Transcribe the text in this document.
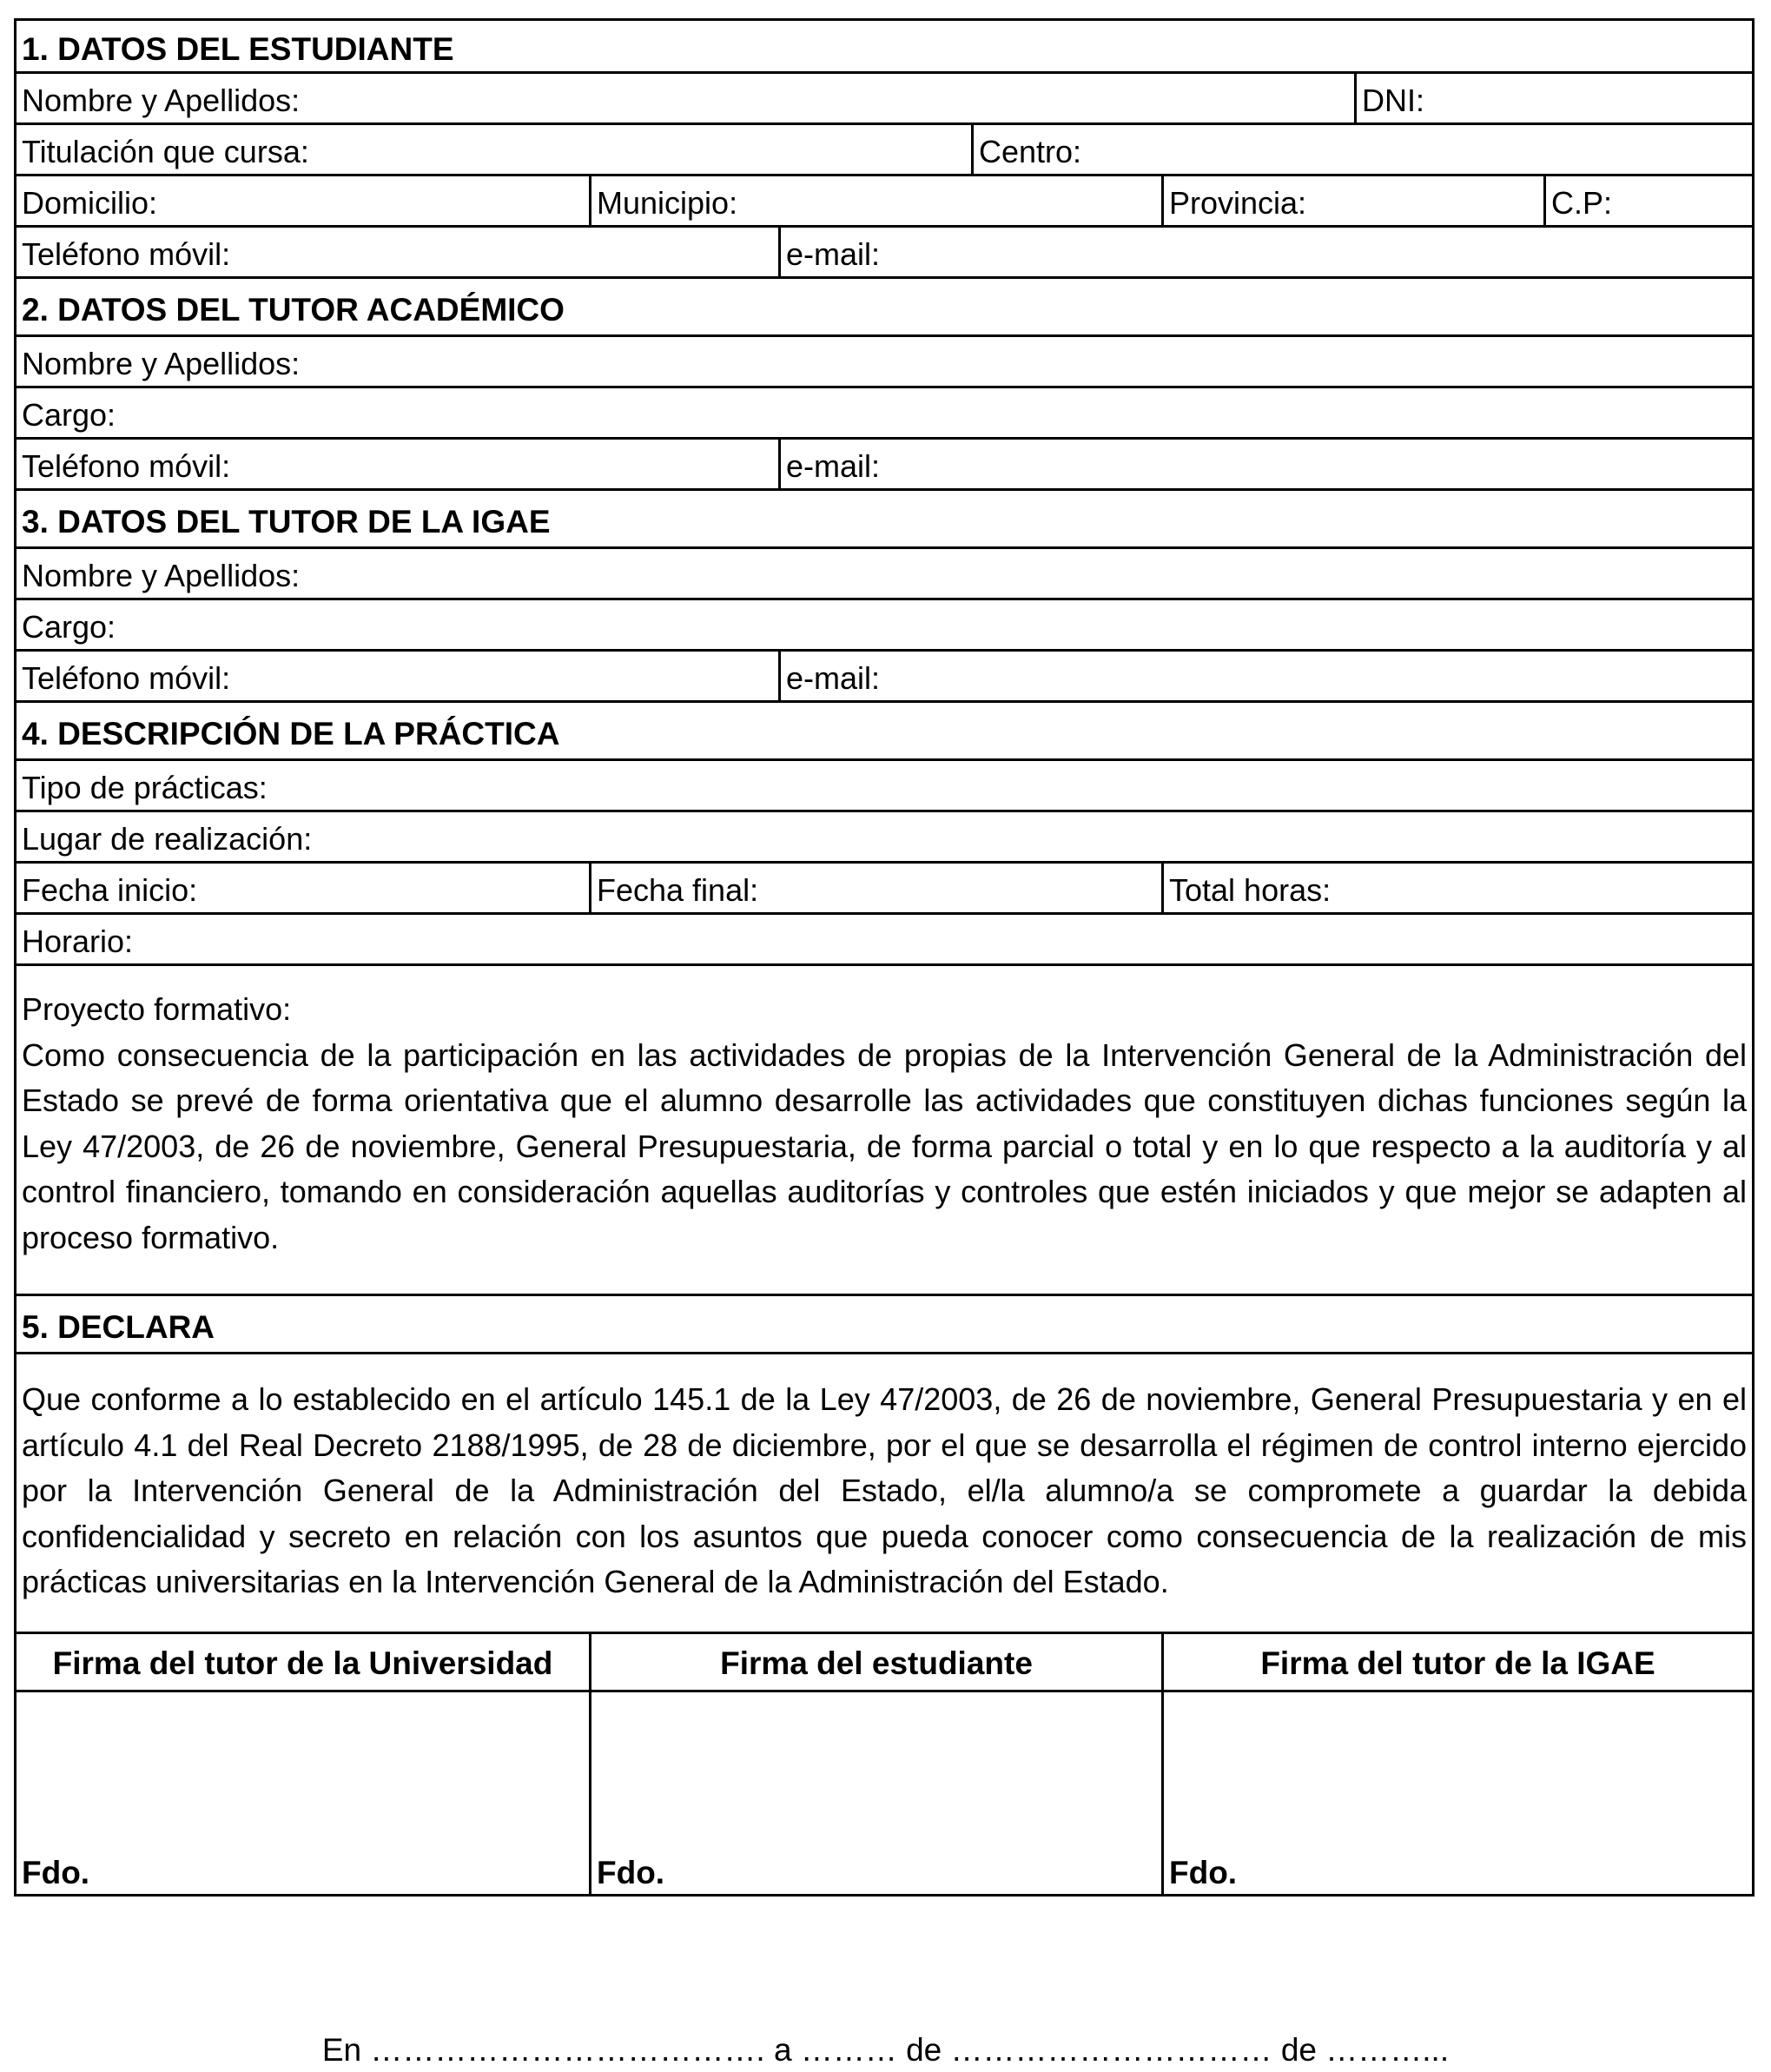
1. DATOS DEL ESTUDIANTE
Nombre y Apellidos:	DNI:
Titulación que cursa:	Centro:
Domicilio:	Municipio:	Provincia:	C.P:
Teléfono móvil:	e-mail:
2. DATOS DEL TUTOR ACADÉMICO
Nombre y Apellidos:
Cargo:
Teléfono móvil:	e-mail:
3. DATOS DEL TUTOR DE LA IGAE
Nombre y Apellidos:
Cargo:
Teléfono móvil:	e-mail:
4. DESCRIPCIÓN DE LA PRÁCTICA
Tipo de prácticas:
Lugar de realización:
Fecha inicio:	Fecha final:	Total horas:
Horario:
Proyecto formativo:
Como consecuencia de la participación en las actividades de propias de la Intervención General de la Administración del Estado se prevé de forma orientativa que el alumno desarrolle las actividades que constituyen dichas funciones según la Ley 47/2003, de 26 de noviembre, General Presupuestaria, de forma parcial o total y en lo que respecto a la auditoría y al control financiero, tomando en consideración aquellas auditorías y controles que estén iniciados y que mejor se adapten al proceso formativo.
5. DECLARA
Que conforme a lo establecido en el artículo 145.1 de la Ley 47/2003, de 26 de noviembre, General Presupuestaria y en el artículo 4.1 del Real Decreto 2188/1995, de 28 de diciembre, por el que se desarrolla el régimen de control interno ejercido por la Intervención General de la Administración del Estado, el/la alumno/a se compromete a guardar la debida confidencialidad y secreto en relación con los asuntos que pueda conocer como consecuencia de la realización de mis prácticas universitarias en la Intervención General de la Administración del Estado.
Firma del tutor de la Universidad	Firma del estudiante	Firma del tutor de la IGAE
Fdo.	Fdo.	Fdo.
En ………………………………. a ……… de ………………………… de ………...
